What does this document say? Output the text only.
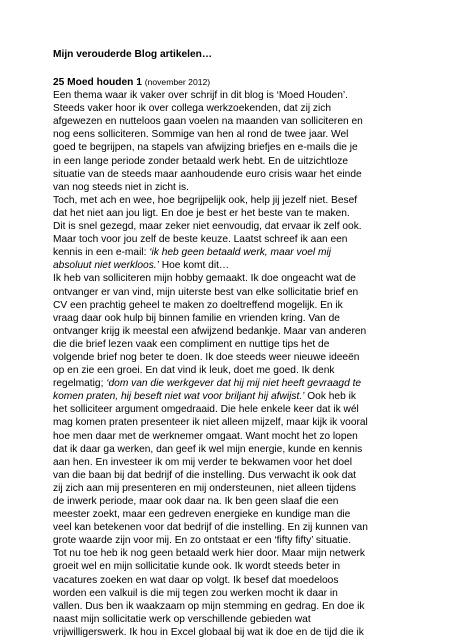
Mijn verouderde Blog artikelen…
25 Moed houden 1 (november 2012)

Een thema waar ik vaker over schrijf in dit blog is ‘Moed Houden’.
Steeds vaker hoor ik over collega werkzoekenden, dat zij zich
afgewezen en nutteloos gaan voelen na maanden van solliciteren en
nog eens solliciteren. Sommige van hen al rond de twee jaar. Wel
goed te begrijpen, na stapels van afwijzing briefjes en e-mails die je
in een lange periode zonder betaald werk hebt. En de uitzichtloze
situatie van de steeds maar aanhoudende euro crisis waar het einde
van nog steeds niet in zicht is.
Toch, met ach en wee, hoe begrijpelijk ook, help jij jezelf niet. Besef
dat het niet aan jou ligt. En doe je best er het beste van te maken.
Dit is snel gezegd, maar zeker niet eenvoudig, dat ervaar ik zelf ook.
Maar toch voor jou zelf de beste keuze. Laatst schreef ik aan een
kennis in een e-mail: ‘ik heb geen betaald werk, maar voel mij
absoluut niet werkloos.’ Hoe komt dit…
Ik heb van solliciteren mijn hobby gemaakt. Ik doe ongeacht wat de
ontvanger er van vind, mijn uiterste best van elke sollicitatie brief en
CV een prachtig geheel te maken zo doeltreffend mogelijk. En ik
vraag daar ook hulp bij binnen familie en vrienden kring. Van de
ontvanger krijg ik meestal een afwijzend bedankje. Maar van anderen
die die brief lezen vaak een compliment en nuttige tips het de
volgende brief nog beter te doen. Ik doe steeds weer nieuwe ideeën
op en zie een groei. En dat vind ik leuk, doet me goed. Ik denk
regelmatig; ‘dom van die werkgever dat hij mij niet heeft gevraagd te
komen praten, hij beseft niet wat voor briljant hij afwijst.’ Ook heb ik
het solliciteer argument omgedraaid. Die hele enkele keer dat ik wél
mag komen praten presenteer ik niet alleen mijzelf, maar kijk ik vooral
hoe men daar met de werknemer omgaat. Want mocht het zo lopen
dat ik daar ga werken, dan geef ik wel mijn energie, kunde en kennis
aan hen. En investeer ik om mij verder te bekwamen voor het doel
van die baan bij dat bedrijf of die instelling. Dus verwacht ik ook dat
zij zich aan mij presenteren en mij ondersteunen, niet alleen tijdens
de inwerk periode, maar ook daar na. Ik ben geen slaaf die een
meester zoekt, maar een gedreven energieke en kundige man die
veel kan betekenen voor dat bedrijf of die instelling. En zij kunnen van
grote waarde zijn voor mij. En zo ontstaat er een ‘fifty fifty’ situatie.
Tot nu toe heb ik nog geen betaald werk hier door. Maar mijn netwerk
groeit wel en mijn sollicitatie kunde ook. Ik wordt steeds beter in
vacatures zoeken en wat daar op volgt. Ik besef dat moedeloos
worden een valkuil is die mij tegen zou werken mocht ik daar in
vallen. Dus ben ik waakzaam op mijn stemming en gedrag. En doe ik
naast mijn sollicitatie werk op verschillende gebieden wat
vrijwilligerswerk. Ik hou in Excel globaal bij wat ik doe en de tijd die ik
